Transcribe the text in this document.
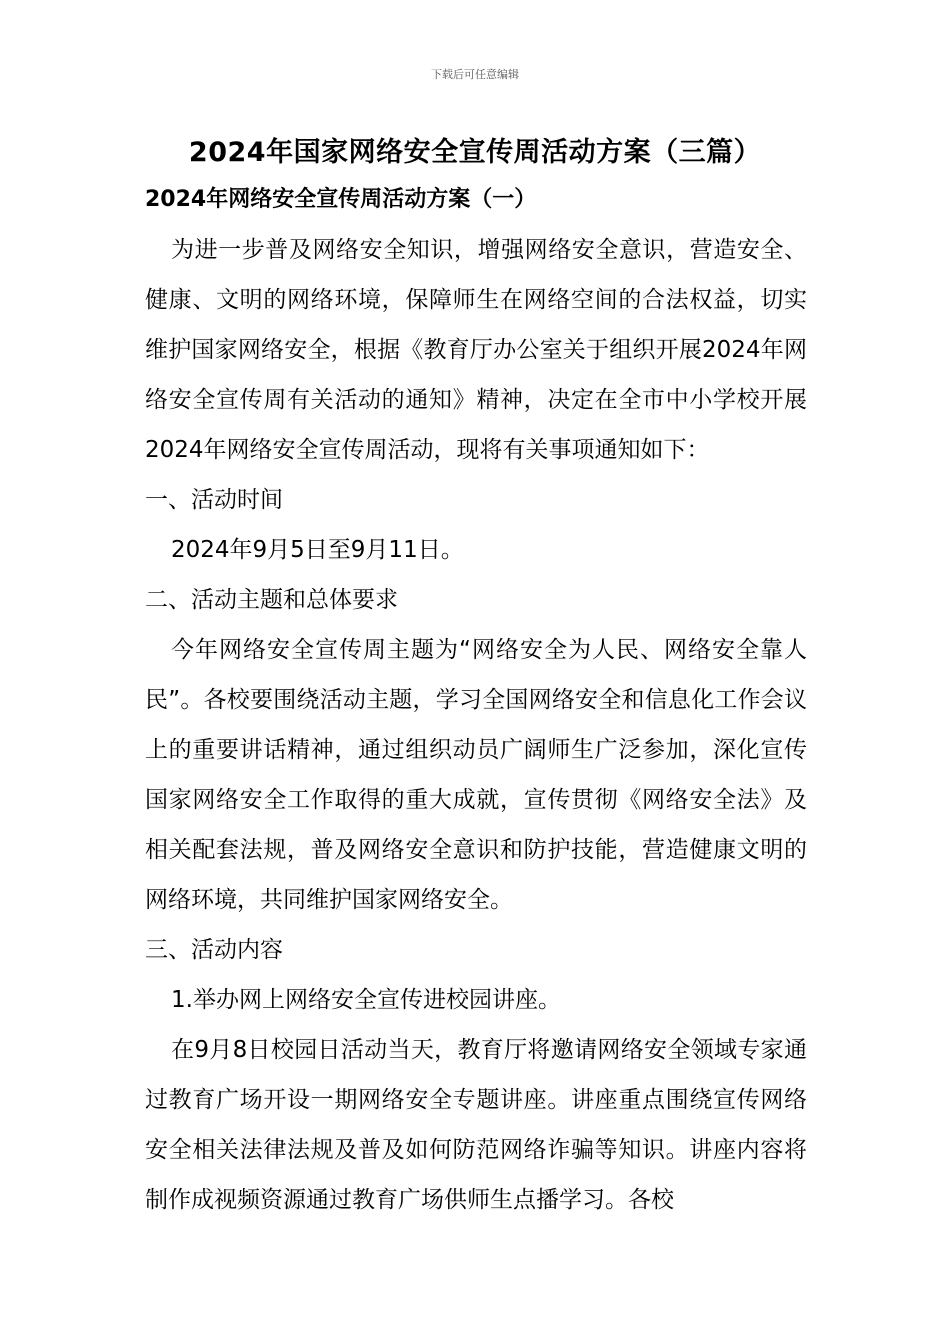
下载后可任意编辑
2024年国家网络安全宣传周活动方案（三篇）
2024年网络安全宣传周活动方案（一）

为进一步普及网络安全知识，增强网络安全意识，营造安全、健康、文明的网络环境，保障师生在网络空间的合法权益，切实维护国家网络安全，根据《教育厅办公室关于组织开展2024年网络安全宣传周有关活动的通知》精神，决定在全市中小学校开展2024年网络安全宣传周活动，现将有关事项通知如下：

一、活动时间

2024年9月5日至9月11日。

二、活动主题和总体要求

今年网络安全宣传周主题为“网络安全为人民、网络安全靠人民”。各校要围绕活动主题，学习全国网络安全和信息化工作会议上的重要讲话精神，通过组织动员广阔师生广泛参加，深化宣传国家网络安全工作取得的重大成就，宣传贯彻《网络安全法》及相关配套法规，普及网络安全意识和防护技能，营造健康文明的网络环境，共同维护国家网络安全。

三、活动内容

1.举办网上网络安全宣传进校园讲座。

在9月8日校园日活动当天，教育厅将邀请网络安全领域专家通过教育广场开设一期网络安全专题讲座。讲座重点围绕宣传网络安全相关法律法规及普及如何防范网络诈骗等知识。讲座内容将制作成视频资源通过教育广场供师生点播学习。各校
